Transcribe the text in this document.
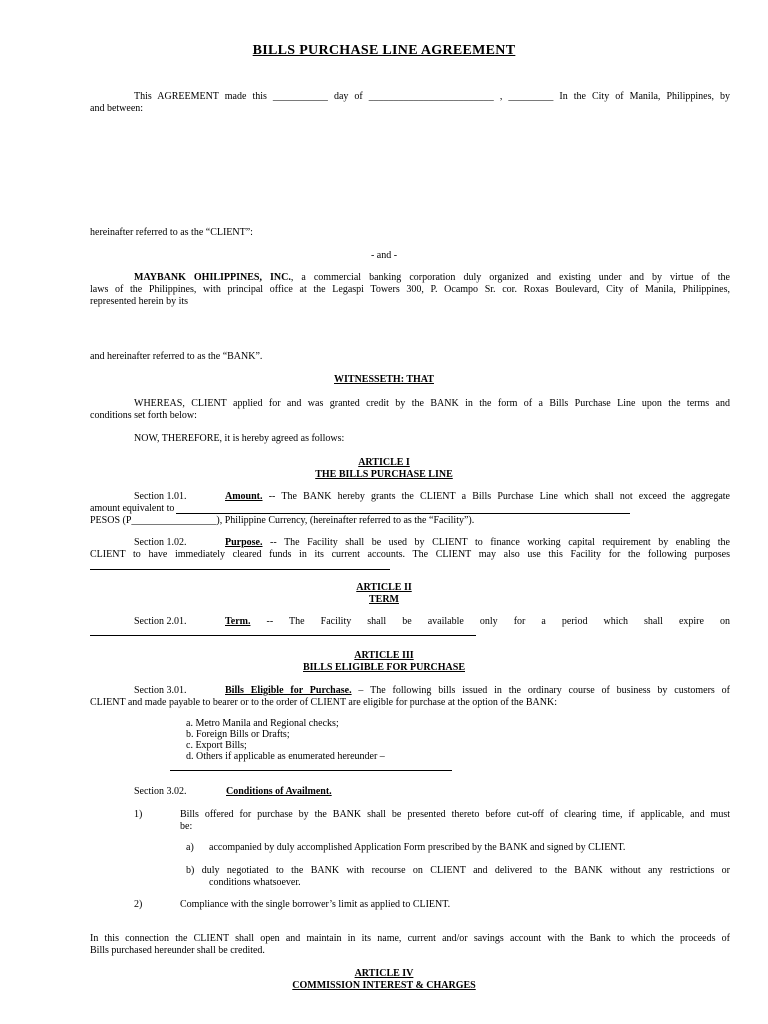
BILLS PURCHASE LINE AGREEMENT
This AGREEMENT made this ___________ day of _________________________ , _________ In the City of Manila, Philippines, by
and between:
hereinafter referred to as the “CLIENT”:
- and -
MAYBANK OHILIPPINES, INC., a commercial banking corporation duly organized and existing under and by virtue of the
laws of the Philippines, with principal office at the Legaspi Towers 300, P. Ocampo Sr. cor. Roxas Boulevard, City of Manila, Philippines,
represented herein by its
and hereinafter referred to as the “BANK”.
WITNESSETH: THAT
WHEREAS, CLIENT applied for and was granted credit by the BANK in the form of a Bills Purchase Line upon the terms and
conditions set forth below:
NOW, THEREFORE, it is hereby agreed as follows:
ARTICLE I
THE BILLS PURCHASE LINE
Section 1.01.	Amount. -- The BANK hereby grants the CLIENT a Bills Purchase Line which shall not exceed the aggregate
amount equivalent to
PESOS (P_________________), Philippine Currency, (hereinafter referred to as the “Facility”).
Section 1.02.	Purpose. -- The Facility shall be used by CLIENT to finance working capital requirement by enabling the
CLIENT to have immediately cleared funds in its current accounts. The CLIENT may also use this Facility for the following purposes
ARTICLE II
TERM
Section 2.01.	Term. -- The Facility shall be available only for a period which shall expire on
ARTICLE III
BILLS ELIGIBLE FOR PURCHASE
Section 3.01.	Bills Eligible for Purchase. – The following bills issued in the ordinary course of business by customers of
CLIENT and made payable to bearer or to the order of CLIENT are eligible for purchase at the option of the BANK:
a. Metro Manila and Regional checks;
b. Foreign Bills or Drafts;
c. Export Bills;
d. Others if applicable as enumerated hereunder –
Section 3.02.	Conditions of Availment.
1)	Bills offered for purchase by the BANK shall be presented thereto before cut-off of clearing time, if applicable, and must
be:
a) accompanied by duly accomplished Application Form prescribed by the BANK and signed by CLIENT.
b) duly negotiated to the BANK with recourse on CLIENT and delivered to the BANK without any restrictions or
conditions whatsoever.
2)	Compliance with the single borrower’s limit as applied to CLIENT.
In this connection the CLIENT shall open and maintain in its name, current and/or savings account with the Bank to which the proceeds of
Bills purchased hereunder shall be credited.
ARTICLE IV
COMMISSION INTEREST & CHARGES
